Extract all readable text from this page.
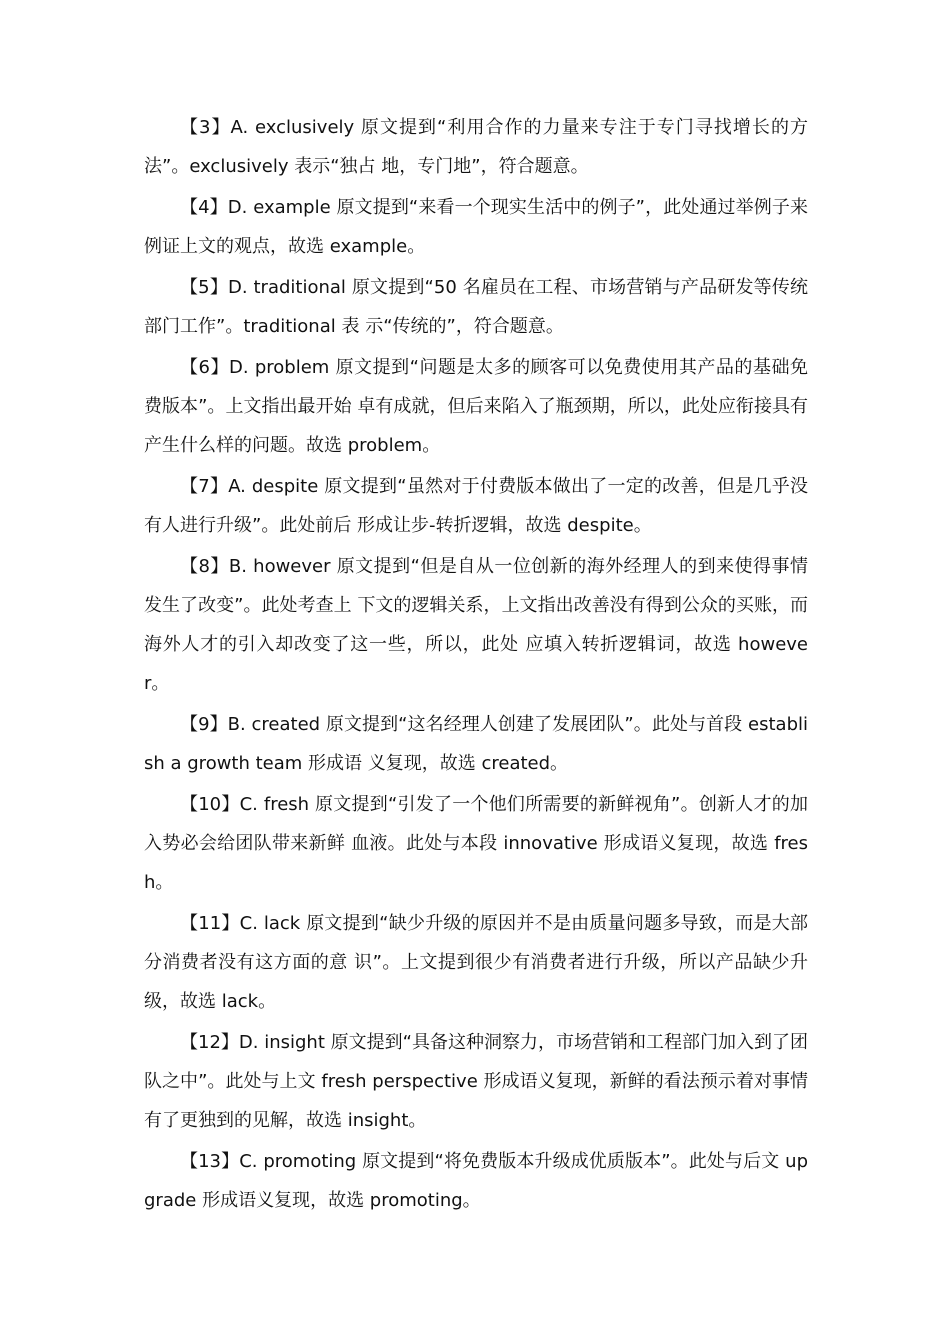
【3】A. exclusively 原文提到“利用合作的力量来专注于专门寻找增长的方法”。exclusively 表示“独占 地，专门地”，符合题意。

【4】D. example 原文提到“来看一个现实生活中的例子”，此处通过举例子来例证上文的观点，故选 example。

【5】D. traditional 原文提到“50 名雇员在工程、市场营销与产品研发等传统部门工作”。traditional 表 示“传统的”，符合题意。

【6】D. problem 原文提到“问题是太多的顾客可以免费使用其产品的基础免费版本”。上文指出最开始 卓有成就，但后来陷入了瓶颈期，所以，此处应衔接具有产生什么样的问题。故选 problem。

【7】A. despite 原文提到“虽然对于付费版本做出了一定的改善，但是几乎没有人进行升级”。此处前后 形成让步-转折逻辑，故选 despite。

【8】B. however 原文提到“但是自从一位创新的海外经理人的到来使得事情发生了改变”。此处考查上 下文的逻辑关系，上文指出改善没有得到公众的买账，而海外人才的引入却改变了这一些，所以，此处 应填入转折逻辑词，故选 however。

【9】B. created 原文提到“这名经理人创建了发展团队”。此处与首段 establish a growth team 形成语 义复现，故选 created。

【10】C. fresh 原文提到“引发了一个他们所需要的新鲜视角”。创新人才的加入势必会给团队带来新鲜 血液。此处与本段 innovative 形成语义复现，故选 fresh。

【11】C. lack 原文提到“缺少升级的原因并不是由质量问题多导致，而是大部分消费者没有这方面的意 识”。上文提到很少有消费者进行升级，所以产品缺少升级，故选 lack。

【12】D. insight 原文提到“具备这种洞察力，市场营销和工程部门加入到了团队之中”。此处与上文 fresh perspective 形成语义复现，新鲜的看法预示着对事情有了更独到的见解，故选 insight。

【13】C. promoting 原文提到“将免费版本升级成优质版本”。此处与后文 upgrade 形成语义复现，故选 promoting。
